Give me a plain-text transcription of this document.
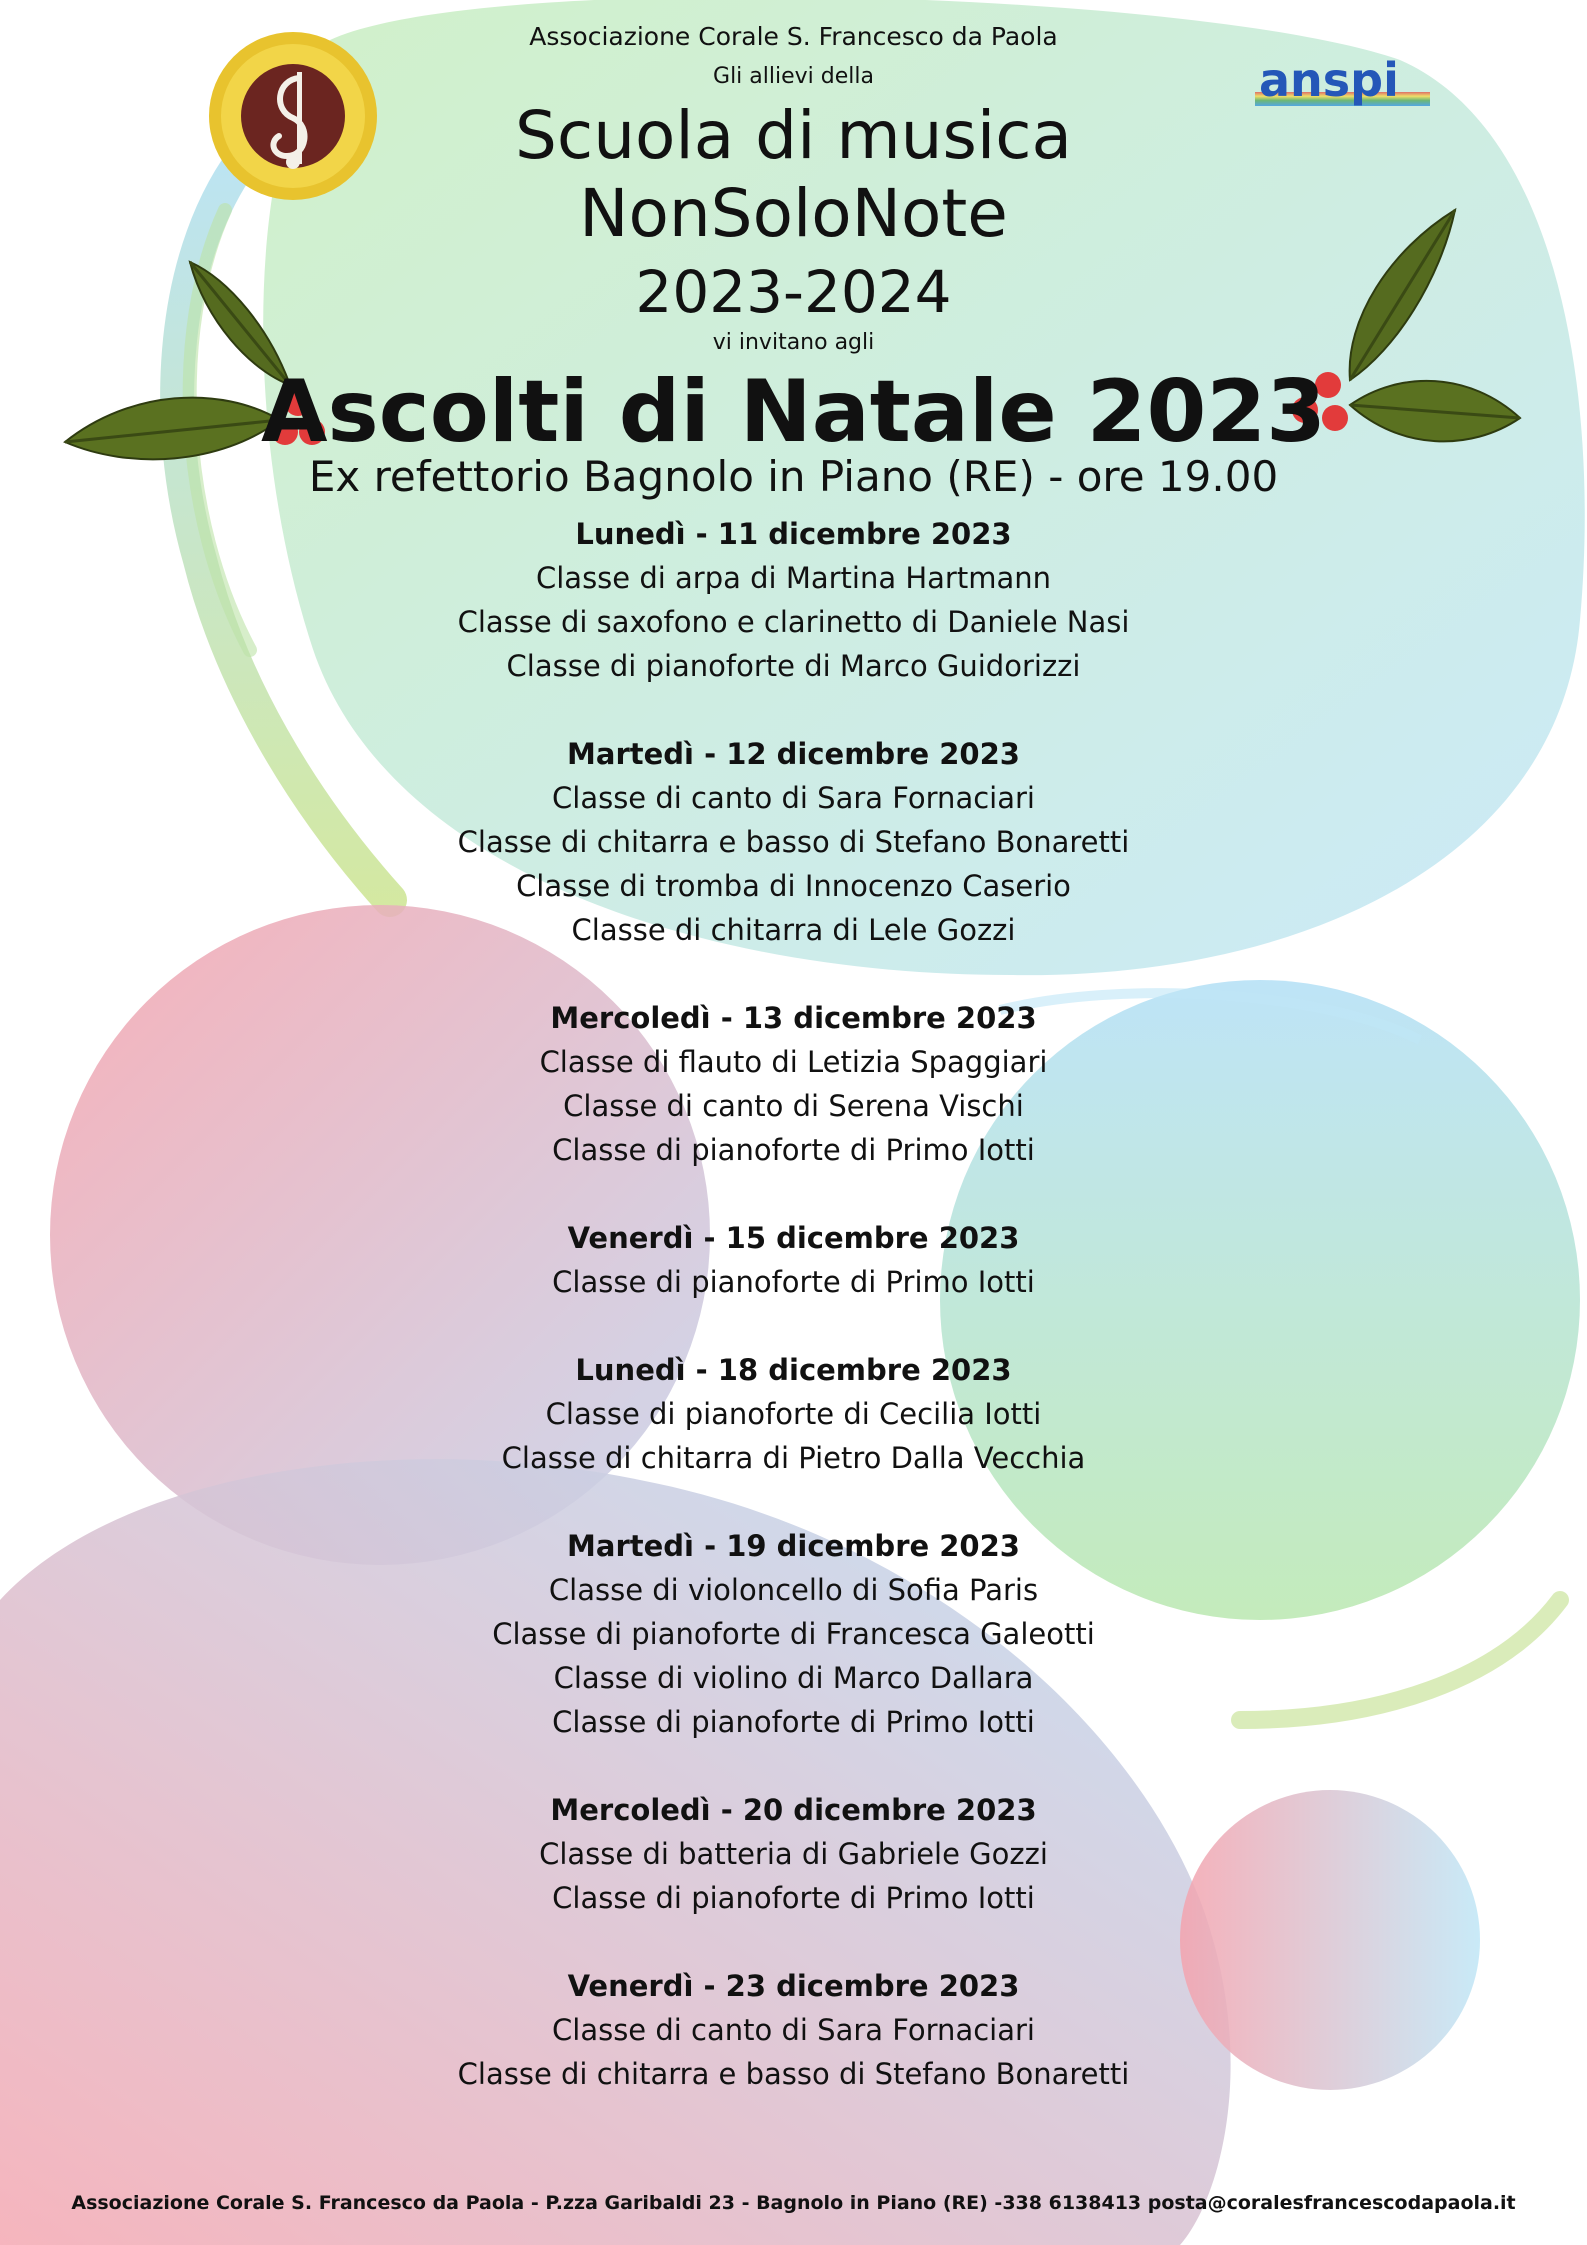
anspi
Associazione Corale S. Francesco da Paola
Gli allievi della
Scuola di musica
NonSoloNote
2023-2024
vi invitano agli
Ascolti di Natale 2023
Ex refettorio Bagnolo in Piano (RE) - ore 19.00
Lunedì - 11 dicembre 2023
Classe di arpa di Martina Hartmann
Classe di saxofono e clarinetto di Daniele Nasi
Classe di pianoforte di Marco Guidorizzi
Martedì - 12 dicembre 2023
Classe di canto di Sara Fornaciari
Classe di chitarra e basso di Stefano Bonaretti
Classe di tromba di Innocenzo Caserio
Classe di chitarra di Lele Gozzi
Mercoledì - 13 dicembre 2023
Classe di flauto di Letizia Spaggiari
Classe di canto di Serena Vischi
Classe di pianoforte di Primo Iotti
Venerdì - 15 dicembre 2023
Classe di pianoforte di Primo Iotti
Lunedì - 18 dicembre 2023
Classe di pianoforte di Cecilia Iotti
Classe di chitarra di Pietro Dalla Vecchia
Martedì - 19 dicembre 2023
Classe di violoncello di Sofia Paris
Classe di pianoforte di Francesca Galeotti
Classe di violino di Marco Dallara
Classe di pianoforte di Primo Iotti
Mercoledì - 20 dicembre 2023
Classe di batteria di Gabriele Gozzi
Classe di pianoforte di Primo Iotti
Venerdì - 23 dicembre 2023
Classe di canto di Sara Fornaciari
Classe di chitarra e basso di Stefano Bonaretti
Associazione Corale S. Francesco da Paola - P.zza Garibaldi 23 - Bagnolo in Piano (RE) -338 6138413 posta@coralesfrancescodapaola.it
